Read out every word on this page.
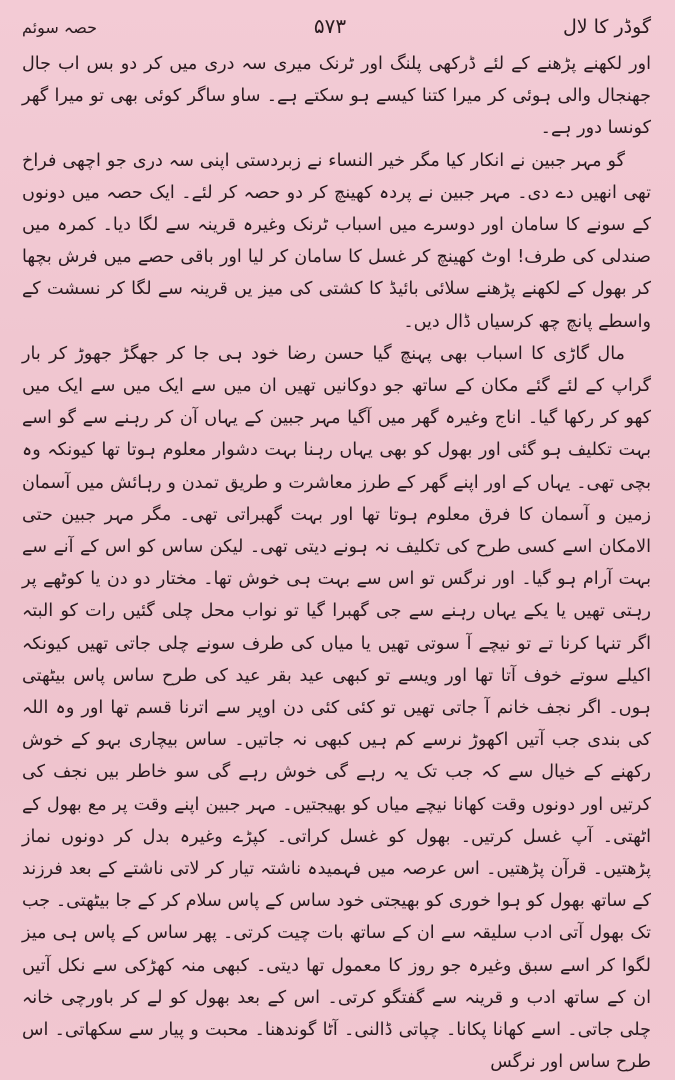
گوڈر کا لال
۵۷۳
حصہ سوئم

اور لکھنے پڑھنے کے لئے ڈرکھی پلنگ اور ٹرنک میری سہ دری میں کر دو بس اب جال جھنجال والی ہوئی کر میرا کتنا کیسے ہو سکتے ہے۔ ساو ساگر کوئی بھی تو میرا گھر کونسا دور ہے۔

گو مہر جبین نے انکار کیا مگر خیر النساء نے زبردستی اپنی سہ دری جو اچھی فراخ تھی انھیں دے دی۔ مہر جبین نے پردہ کھینچ کر دو حصہ کر لئے۔ ایک حصہ میں دونوں کے سونے کا سامان اور دوسرے میں اسباب ٹرنک وغیرہ قرینہ سے لگا دیا۔ کمرہ میں صندلی کی طرف! اوٹ کھینچ کر غسل کا سامان کر لیا اور باقی حصے میں فرش بچھا کر بھول کے لکھنے پڑھنے سلائی بائیڈ کا کشتی کی میز یں قرینہ سے لگا کر نسشت کے واسطے پانچ چھ کرسیاں ڈال دیں۔

مال گاڑی کا اسباب بھی پہنچ گیا حسن رضا خود ہی جا کر جھگڑ جھوڑ کر بار گراپ کے لئے گئے مکان کے ساتھ جو دوکانیں تھیں ان میں سے ایک میں سے ایک میں کھو کر رکھا گیا۔ اناج وغیرہ گھر میں آگیا مہر جبین کے یہاں آن کر رہنے سے گو اسے بہت تکلیف ہو گئی اور بھول کو بھی یہاں رہنا بہت دشوار معلوم ہوتا تھا کیونکہ وہ بچی تھی۔ یہاں کے اور اپنے گھر کے طرز معاشرت و طریق تمدن و رہائش میں آسمان زمین و آسمان کا فرق معلوم ہوتا تھا اور بہت گھبراتی تھی۔ مگر مہر جبین حتی الامکان اسے کسی طرح کی تکلیف نہ ہونے دیتی تھی۔ لیکن ساس کو اس کے آنے سے بہت آرام ہو گیا۔ اور نرگس تو اس سے بہت ہی خوش تھا۔ مختار دو دن یا کوٹھے پر رہتی تھیں یا یکے یہاں رہنے سے جی گھبرا گیا تو نواب محل چلی گئیں رات کو البتہ اگر تنہا کرنا تے تو نیچے آ سوتی تھیں یا میاں کی طرف سونے چلی جاتی تھیں کیونکہ اکیلے سوتے خوف آتا تھا اور ویسے تو کبھی عید بقر عید کی طرح ساس پاس بیٹھتی ہوں۔ اگر نجف خانم آ جاتی تھیں تو کئی کئی دن اوپر سے اترنا قسم تھا اور وہ اللہ کی بندی جب آتیں اکھوڑ نرسے کم ہیں کبھی نہ جاتیں۔ ساس بیچاری بہو کے خوش رکھنے کے خیال سے کہ جب تک یہ رہے گی خوش رہے گی سو خاطر بیں نجف کی کرتیں اور دونوں وقت کھانا نیچے میاں کو بھیجتیں۔ مہر جبین اپنے وقت پر مع بھول کے اٹھتی۔ آپ غسل کرتیں۔ بھول کو غسل کراتی۔ کپڑے وغیرہ بدل کر دونوں نماز پڑھتیں۔ قرآن پڑھتیں۔ اس عرصہ میں فہمیدہ ناشتہ تیار کر لاتی ناشتے کے بعد فرزند کے ساتھ بھول کو ہوا خوری کو بھیجتی خود ساس کے پاس سلام کر کے جا بیٹھتی۔ جب تک بھول آتی ادب سلیقہ سے ان کے ساتھ بات چیت کرتی۔ پھر ساس کے پاس ہی میز لگوا کر اسے سبق وغیرہ جو روز کا معمول تھا دیتی۔ کبھی منہ کھڑکی سے نکل آتیں ان کے ساتھ ادب و قرینہ سے گفتگو کرتی۔ اس کے بعد بھول کو لے کر باورچی خانہ چلی جاتی۔ اسے کھانا پکانا۔ چپاتی ڈالنی۔ آٹا گوندھنا۔ محبت و پیار سے سکھاتی۔ اس طرح ساس اور نرگس
